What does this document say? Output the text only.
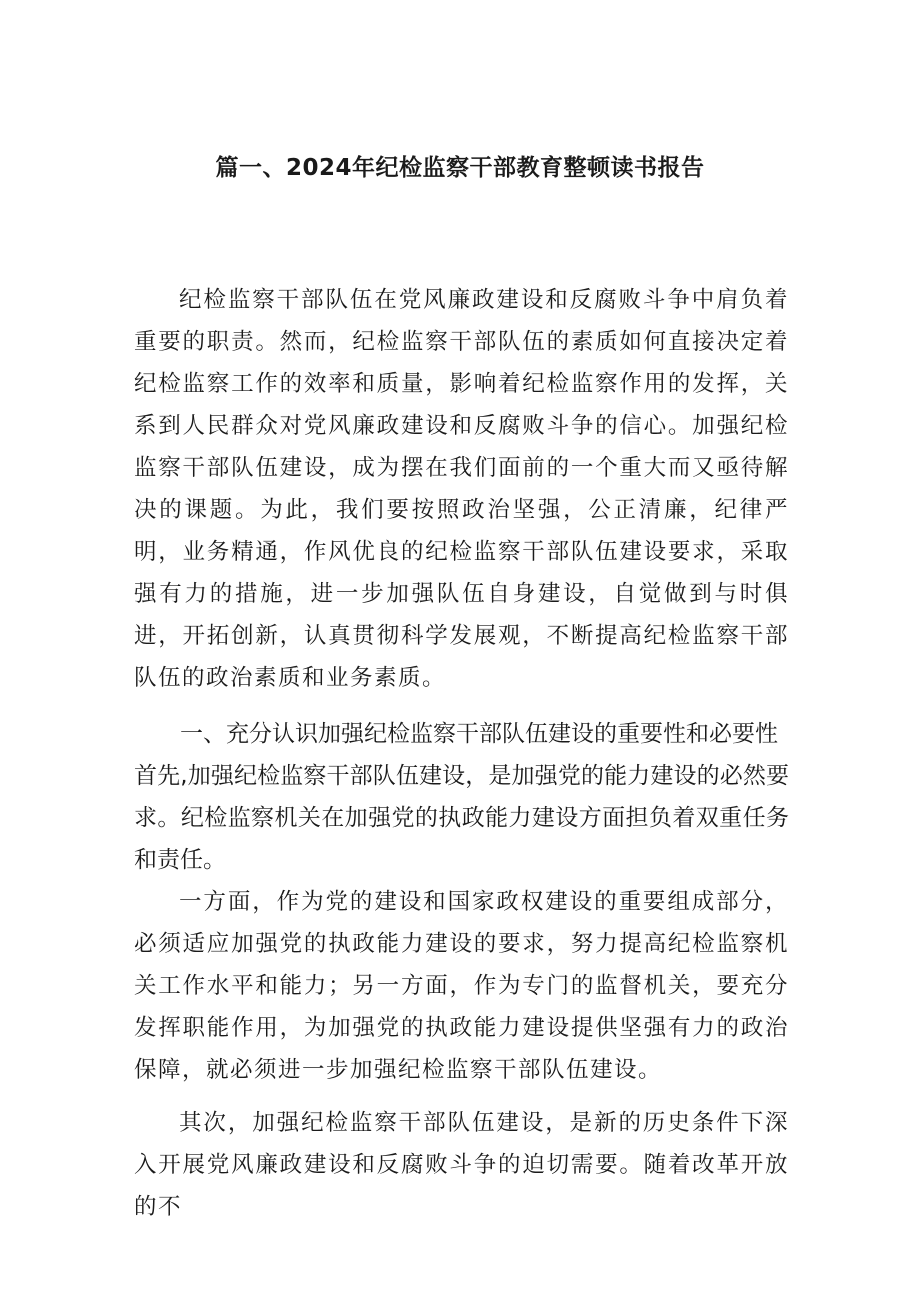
篇一、2024年纪检监察干部教育整顿读书报告

纪检监察干部队伍在党风廉政建设和反腐败斗争中肩负着重要的职责。然而，纪检监察干部队伍的素质如何直接决定着纪检监察工作的效率和质量，影响着纪检监察作用的发挥，关系到人民群众对党风廉政建设和反腐败斗争的信心。加强纪检监察干部队伍建设，成为摆在我们面前的一个重大而又亟待解决的课题。为此，我们要按照政治坚强，公正清廉，纪律严明，业务精通，作风优良的纪检监察干部队伍建设要求，采取强有力的措施，进一步加强队伍自身建设，自觉做到与时俱进，开拓创新，认真贯彻科学发展观，不断提高纪检监察干部队伍的政治素质和业务素质。

一、充分认识加强纪检监察干部队伍建设的重要性和必要性
首先,加强纪检监察干部队伍建设，是加强党的能力建设的必然要求。纪检监察机关在加强党的执政能力建设方面担负着双重任务和责任。

一方面，作为党的建设和国家政权建设的重要组成部分，必须适应加强党的执政能力建设的要求，努力提高纪检监察机关工作水平和能力；另一方面，作为专门的监督机关，要充分发挥职能作用，为加强党的执政能力建设提供坚强有力的政治保障，就必须进一步加强纪检监察干部队伍建设。

其次，加强纪检监察干部队伍建设，是新的历史条件下深入开展党风廉政建设和反腐败斗争的迫切需要。随着改革开放的不
